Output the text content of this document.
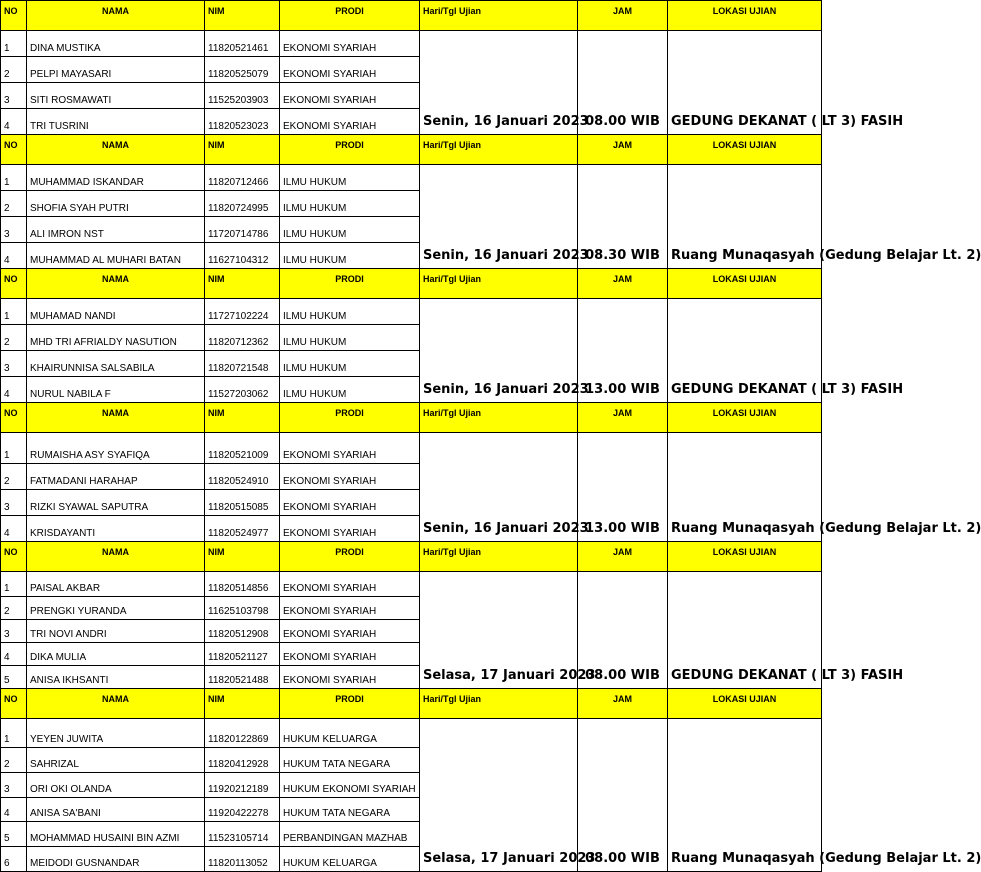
NO	NAMA	NIM	PRODI	Hari/Tgl Ujian	JAM	LOKASI UJIAN
1	DINA MUSTIKA	11820521461	EKONOMI SYARIAH	Senin, 16 Januari 2023	08.00 WIB	GEDUNG DEKANAT ( LT 3) FASIH
2	PELPI MAYASARI	11820525079	EKONOMI SYARIAH			
3	SITI ROSMAWATI	11525203903	EKONOMI SYARIAH			
4	TRI TUSRINI	11820523023	EKONOMI SYARIAH			
NO	NAMA	NIM	PRODI	Hari/Tgl Ujian	JAM	LOKASI UJIAN
1	MUHAMMAD ISKANDAR	11820712466	ILMU HUKUM	Senin, 16 Januari 2023	08.30 WIB	Ruang Munaqasyah (Gedung Belajar Lt. 2)
2	SHOFIA SYAH PUTRI	11820724995	ILMU HUKUM			
3	ALI IMRON NST	11720714786	ILMU HUKUM			
4	MUHAMMAD AL MUHARI BATAN	11627104312	ILMU HUKUM			
NO	NAMA	NIM	PRODI	Hari/Tgl Ujian	JAM	LOKASI UJIAN
1	MUHAMAD NANDI	11727102224	ILMU HUKUM	Senin, 16 Januari 2023	13.00 WIB	GEDUNG DEKANAT ( LT 3) FASIH
2	MHD TRI AFRIALDY NASUTION	11820712362	ILMU HUKUM			
3	KHAIRUNNISA SALSABILA	11820721548	ILMU HUKUM			
4	NURUL NABILA F	11527203062	ILMU HUKUM			
NO	NAMA	NIM	PRODI	Hari/Tgl Ujian	JAM	LOKASI UJIAN
1	RUMAISHA ASY SYAFIQA	11820521009	EKONOMI SYARIAH	Senin, 16 Januari 2023	13.00 WIB	Ruang Munaqasyah (Gedung Belajar Lt. 2)
2	FATMADANI HARAHAP	11820524910	EKONOMI SYARIAH			
3	RIZKI SYAWAL SAPUTRA	11820515085	EKONOMI SYARIAH			
4	KRISDAYANTI	11820524977	EKONOMI SYARIAH			
NO	NAMA	NIM	PRODI	Hari/Tgl Ujian	JAM	LOKASI UJIAN
1	PAISAL AKBAR	11820514856	EKONOMI SYARIAH	Selasa, 17 Januari 2023	08.00 WIB	GEDUNG DEKANAT ( LT 3) FASIH
2	PRENGKI YURANDA	11625103798	EKONOMI SYARIAH			
3	TRI NOVI ANDRI	11820512908	EKONOMI SYARIAH			
4	DIKA MULIA	11820521127	EKONOMI SYARIAH			
5	ANISA IKHSANTI	11820521488	EKONOMI SYARIAH			
NO	NAMA	NIM	PRODI	Hari/Tgl Ujian	JAM	LOKASI UJIAN
1	YEYEN JUWITA	11820122869	HUKUM KELUARGA	Selasa, 17 Januari 2023	08.00 WIB	Ruang Munaqasyah (Gedung Belajar Lt. 2)
2	SAHRIZAL	11820412928	HUKUM TATA NEGARA			
3	ORI OKI OLANDA	11920212189	HUKUM EKONOMI SYARIAH			
4	ANISA SA'BANI	11920422278	HUKUM TATA NEGARA			
5	MOHAMMAD HUSAINI BIN AZMI	11523105714	PERBANDINGAN MAZHAB			
6	MEIDODI GUSNANDAR	11820113052	HUKUM KELUARGA			
